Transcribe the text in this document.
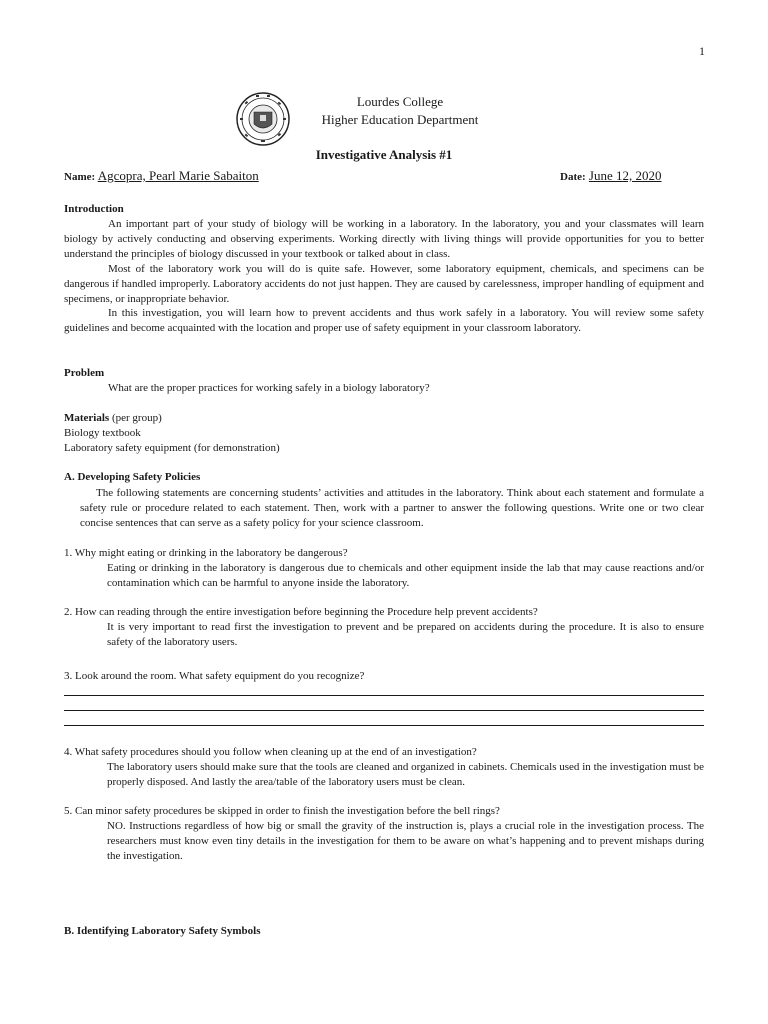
1
Lourdes College
Higher Education Department
Investigative Analysis #1
Name: Agcopra, Pearl Marie Sabaiton	Date: June 12, 2020
Introduction
An important part of your study of biology will be working in a laboratory. In the laboratory, you and your classmates will learn biology by actively conducting and observing experiments. Working directly with living things will provide opportunities for you to better understand the principles of biology discussed in your textbook or talked about in class.
Most of the laboratory work you will do is quite safe. However, some laboratory equipment, chemicals, and specimens can be dangerous if handled improperly. Laboratory accidents do not just happen. They are caused by carelessness, improper handling of equipment and specimens, or inappropriate behavior.
In this investigation, you will learn how to prevent accidents and thus work safely in a laboratory. You will review some safety guidelines and become acquainted with the location and proper use of safety equipment in your classroom laboratory.
Problem
What are the proper practices for working safely in a biology laboratory?
Materials (per group)
Biology textbook
Laboratory safety equipment (for demonstration)
A. Developing Safety Policies
The following statements are concerning students’ activities and attitudes in the laboratory. Think about each statement and formulate a safety rule or procedure related to each statement. Then, work with a partner to answer the following questions. Write one or two clear concise sentences that can serve as a safety policy for your science classroom.
1. Why might eating or drinking in the laboratory be dangerous?
Eating or drinking in the laboratory is dangerous due to chemicals and other equipment inside the lab that may cause reactions and/or contamination which can be harmful to anyone inside the laboratory.
2. How can reading through the entire investigation before beginning the Procedure help prevent accidents?
It is very important to read first the investigation to prevent and be prepared on accidents during the procedure. It is also to ensure safety of the laboratory users.
3. Look around the room. What safety equipment do you recognize?
4. What safety procedures should you follow when cleaning up at the end of an investigation?
The laboratory users should make sure that the tools are cleaned and organized in cabinets. Chemicals used in the investigation must be properly disposed. And lastly the area/table of the laboratory users must be clean.
5. Can minor safety procedures be skipped in order to finish the investigation before the bell rings?
NO. Instructions regardless of how big or small the gravity of the instruction is, plays a crucial role in the investigation process. The researchers must know even tiny details in the investigation for them to be aware on what’s happening and to prevent mishaps during the investigation.
B. Identifying Laboratory Safety Symbols
